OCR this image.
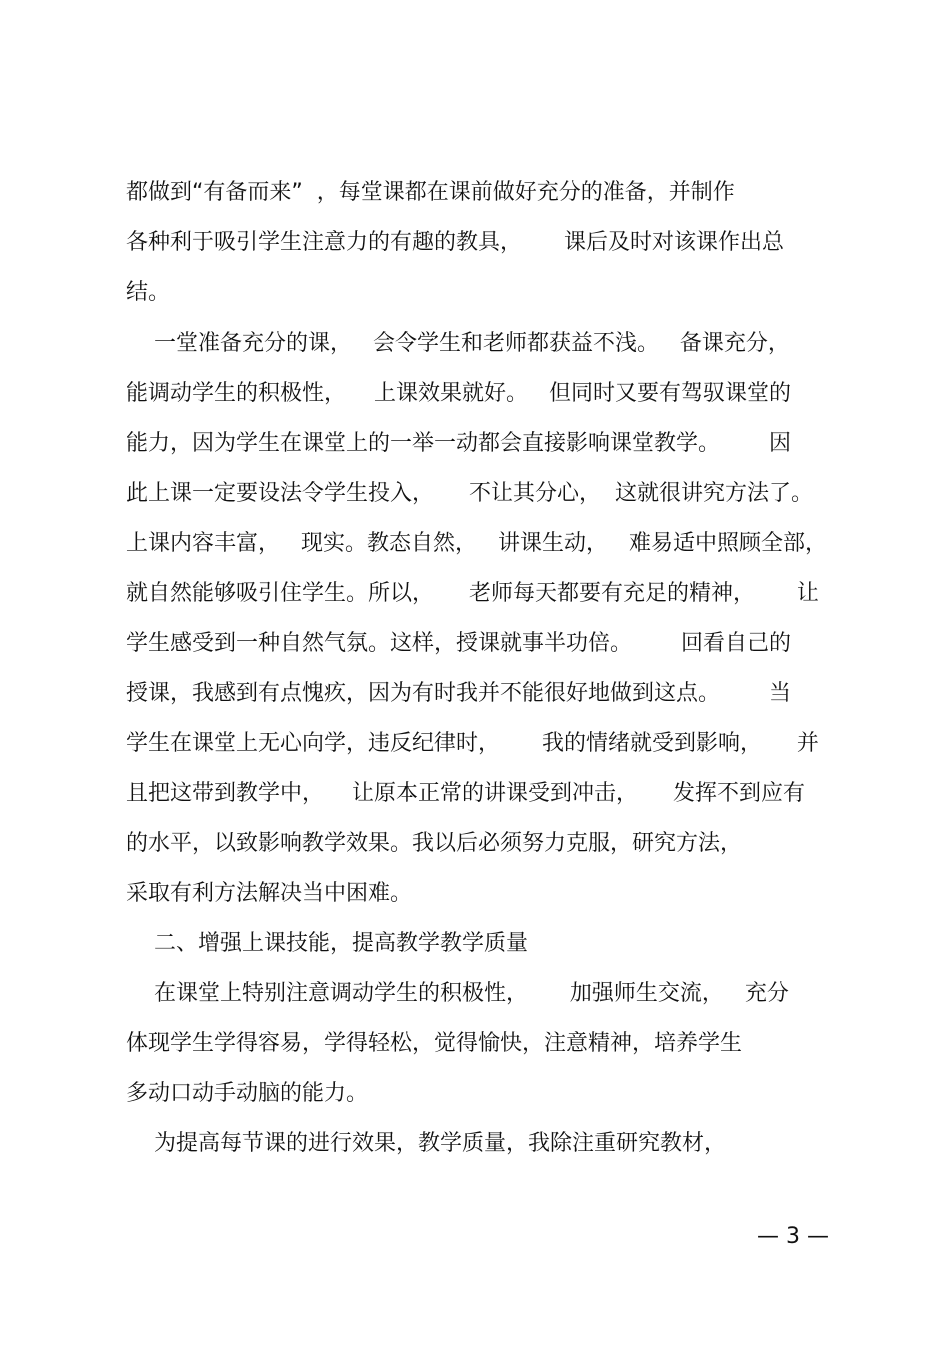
都做到“有备而来”  ，每堂课都在课前做好充分的准备，并制作
各种利于吸引学生注意力的有趣的教具，      课后及时对该课作出总
结。
一堂准备充分的课，   会令学生和老师都获益不浅。   备课充分，
能调动学生的积极性，    上课效果就好。   但同时又要有驾驭课堂的
能力，因为学生在课堂上的一举一动都会直接影响课堂教学。       因
此上课一定要设法令学生投入，     不让其分心，  这就很讲究方法了。
上课内容丰富，   现实。教态自然，   讲课生动，   难易适中照顾全部，
就自然能够吸引住学生。所以，     老师每天都要有充足的精神，      让
学生感受到一种自然气氛。这样，授课就事半功倍。       回看自己的
授课，我感到有点愧疚，因为有时我并不能很好地做到这点。       当
学生在课堂上无心向学，违反纪律时，      我的情绪就受到影响，     并
且把这带到教学中，    让原本正常的讲课受到冲击，     发挥不到应有
的水平，以致影响教学效果。我以后必须努力克服，研究方法，
采取有利方法解决当中困难。
二、增强上课技能，提高教学教学质量
在课堂上特别注意调动学生的积极性，      加强师生交流，   充分
体现学生学得容易，学得轻松，觉得愉快，注意精神，培养学生
多动口动手动脑的能力。
为提高每节课的进行效果，教学质量，我除注重研究教材，
— 3 —
